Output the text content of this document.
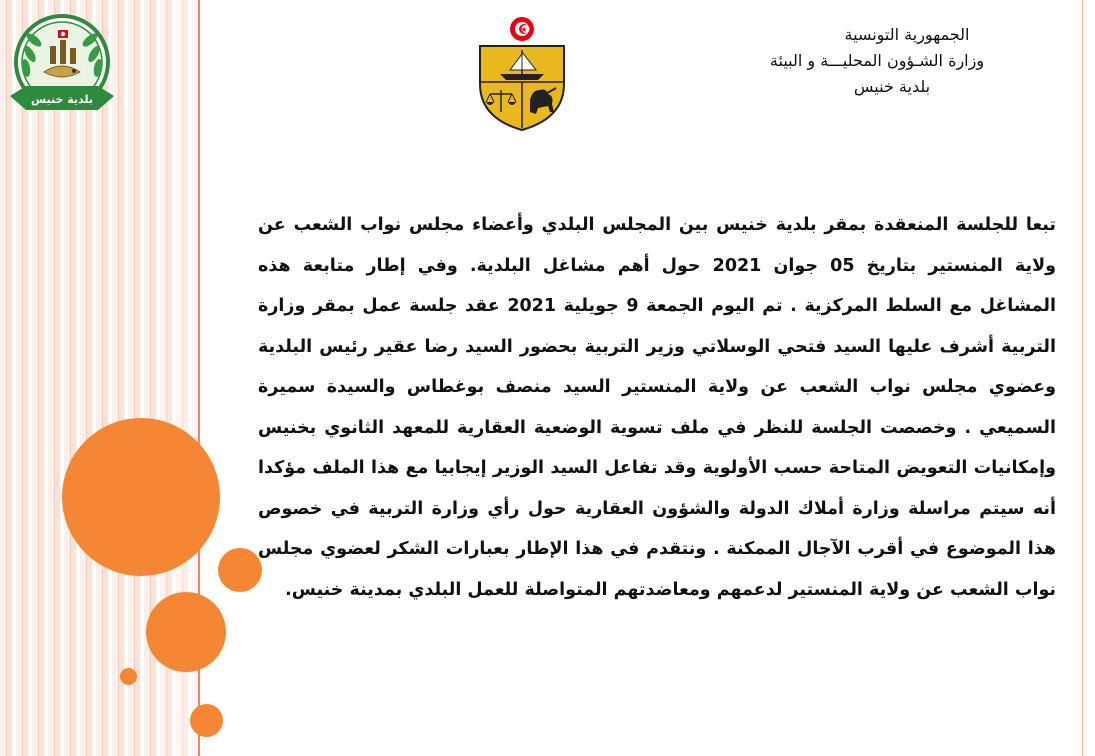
بلدية خنيس
الجمهورية التونسية
وزارة الشـؤون المحليـــة و البيئة
بلدية خنيس
تبعا للجلسة المنعقدة بمقر بلدية خنيس بين المجلس البلدي وأعضاء مجلس نواب الشعب عن ولاية المنستير بتاريخ 05 جوان 2021 حول أهم مشاغل البلدية. وفي إطار متابعة هذه المشاغل مع السلط المركزية . تم اليوم الجمعة 9 جويلية 2021 عقد جلسة عمل بمقر وزارة التربية أشرف عليها السيد فتحي الوسلاتي وزير التربية بحضور السيد رضا عقير رئيس البلدية وعضوي مجلس نواب الشعب عن ولاية المنستير السيد منصف بوغطاس والسيدة سميرة السميعي . وخصصت الجلسة للنظر في ملف تسوية الوضعية العقارية للمعهد الثانوي بخنيس وإمكانيات التعويض المتاحة حسب الأولوية وقد تفاعل السيد الوزير إيجابيا مع هذا الملف مؤكدا أنه سيتم مراسلة وزارة أملاك الدولة والشؤون العقارية حول رأي وزارة التربية في خصوص هذا الموضوع في أقرب الآجال الممكنة . ونتقدم في هذا الإطار بعبارات الشكر لعضوي مجلس نواب الشعب عن ولاية المنستير لدعمهم ومعاضدتهم المتواصلة للعمل البلدي بمدينة خنيس.
